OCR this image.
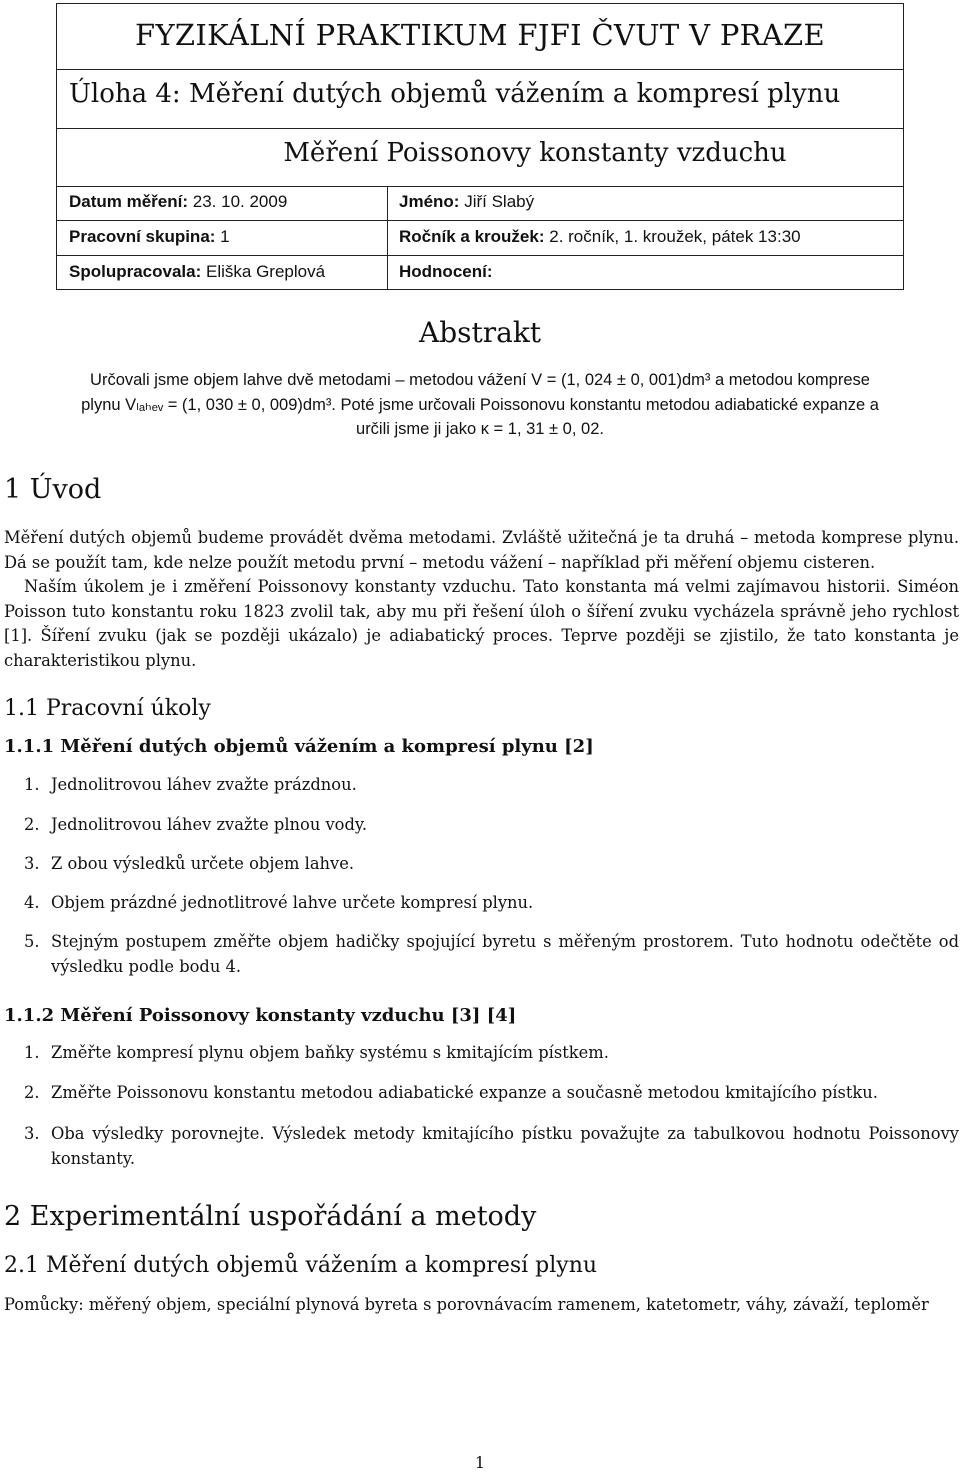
FYZIKÁLNÍ PRAKTIKUM FJFI ČVUT V PRAZE
Úloha 4: Měření dutých objemů vážením a kompresí plynu
Měření Poissonovy konstanty vzduchu
Datum měření: 23. 10. 2009	Jméno: Jiří Slabý
Pracovní skupina: 1	Ročník a kroužek: 2. ročník, 1. kroužek, pátek 13:30
Spolupracovala: Eliška Greplová	Hodnocení:
Abstrakt
Určovali jsme objem lahve dvě metodami – metodou vážení V = (1, 024 ± 0, 001)dm³ a metodou komprese
plynu Vₗₐₕₑᵥ = (1, 030 ± 0, 009)dm³. Poté jsme určovali Poissonovu konstantu metodou adiabatické expanze a
určili jsme ji jako κ = 1, 31 ± 0, 02.
1 Úvod
Měření dutých objemů budeme provádět dvěma metodami. Zvláště užitečná je ta druhá – metoda komprese plynu. Dá se použít tam, kde nelze použít metodu první – metodu vážení – například při měření objemu cisteren.
Naším úkolem je i změření Poissonovy konstanty vzduchu. Tato konstanta má velmi zajímavou historii. Siméon Poisson tuto konstantu roku 1823 zvolil tak, aby mu při řešení úloh o šíření zvuku vycházela správně jeho rychlost [1]. Šíření zvuku (jak se později ukázalo) je adiabatický proces. Teprve později se zjistilo, že tato konstanta je charakteristikou plynu.
1.1 Pracovní úkoly
1.1.1 Měření dutých objemů vážením a kompresí plynu [2]
1. Jednolitrovou láhev zvažte prázdnou.
2. Jednolitrovou láhev zvažte plnou vody.
3. Z obou výsledků určete objem lahve.
4. Objem prázdné jednotlitrové lahve určete kompresí plynu.
5. Stejným postupem změřte objem hadičky spojující byretu s měřeným prostorem. Tuto hodnotu odečtěte od výsledku podle bodu 4.
1.1.2 Měření Poissonovy konstanty vzduchu [3] [4]
1. Změřte kompresí plynu objem baňky systému s kmitajícím pístkem.
2. Změřte Poissonovu konstantu metodou adiabatické expanze a současně metodou kmitajícího pístku.
3. Oba výsledky porovnejte. Výsledek metody kmitajícího pístku považujte za tabulkovou hodnotu Poissonovy konstanty.
2 Experimentální uspořádání a metody
2.1 Měření dutých objemů vážením a kompresí plynu
Pomůcky: měřený objem, speciální plynová byreta s porovnávacím ramenem, katetometr, váhy, závaží, teploměr
1
